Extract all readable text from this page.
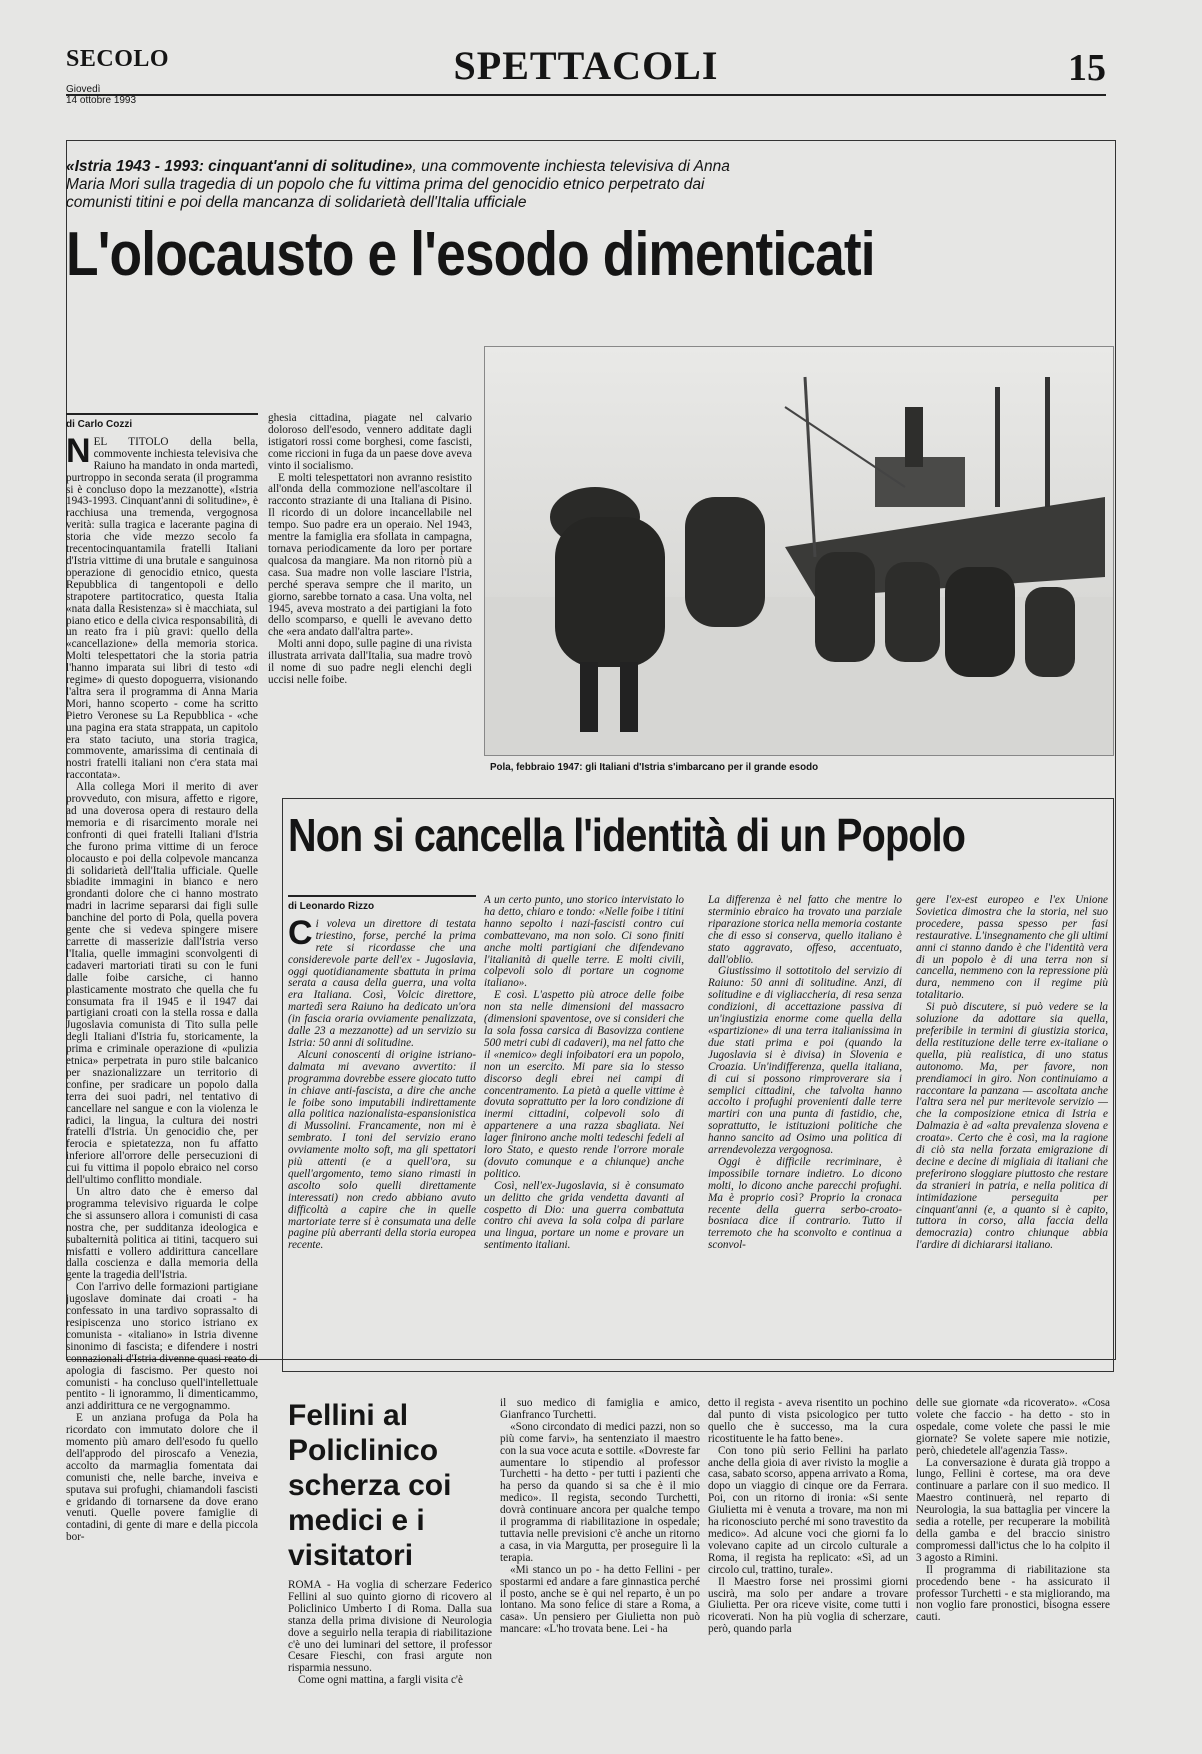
SECOLO
Giovedì
14 ottobre 1993
SPETTACOLI	15
«Istria 1943 - 1993: cinquant'anni di solitudine», una commovente inchiesta televisiva di Anna Maria Mori sulla tragedia di un popolo che fu vittima prima del genocidio etnico perpetrato dai comunisti titini e poi della mancanza di solidarietà dell'Italia ufficiale
L'olocausto e l'esodo dimenticati
di Carlo Cozzi
N EL TITOLO della bella, commovente inchiesta televisiva che Raiuno ha mandato in onda martedì, purtroppo in seconda serata (il programma si è concluso dopo la mezzanotte), «Istria 1943-1993. Cinquant'anni di solitudine», è racchiusa una tremenda, vergognosa verità: sulla tragica e lacerante pagina di storia che vide mezzo secolo fa trecentocinquantamila fratelli Italiani d'Istria vittime di una brutale e sanguinosa operazione di genocidio etnico, questa Repubblica di tangentopoli e dello strapotere partitocratico, questa Italia «nata dalla Resistenza» si è macchiata, sul piano etico e della civica responsabilità, di un reato fra i più gravi: quello della «cancellazione» della memoria storica. Molti telespettatori che la storia patria l'hanno imparata sui libri di testo «di regime» di questo dopoguerra, visionando l'altra sera il programma di Anna Maria Mori, hanno scoperto - come ha scritto Pietro Veronese su La Repubblica - «che una pagina era stata strappata, un capitolo era stato taciuto, una storia tragica, commovente, amarissima di centinaia di nostri fratelli italiani non c'era stata mai raccontata».

Alla collega Mori il merito di aver provveduto, con misura, affetto e rigore, ad una doverosa opera di restauro della memoria e di risarcimento morale nei confronti di quei fratelli Italiani d'Istria che furono prima vittime di un feroce olocausto e poi della colpevole mancanza di solidarietà dell'Italia ufficiale. Quelle sbiadite immagini in bianco e nero grondanti dolore che ci hanno mostrato madri in lacrime separarsi dai figli sulle banchine del porto di Pola, quella povera gente che si vedeva spingere misere carrette di masserizie dall'Istria verso l'Italia, quelle immagini sconvolgenti di cadaveri martoriati tirati su con le funi dalle foibe carsiche, ci hanno plasticamente mostrato che quella che fu consumata fra il 1945 e il 1947 dai partigiani croati con la stella rossa e dalla Jugoslavia comunista di Tito sulla pelle degli Italiani d'Istria fu, storicamente, la prima e criminale operazione di «pulizia etnica» perpetrata in puro stile balcanico per snazionalizzare un territorio di confine, per sradicare un popolo dalla terra dei suoi padri, nel tentativo di cancellare nel sangue e con la violenza le radici, la lingua, la cultura dei nostri fratelli d'Istria. Un genocidio che, per ferocia e spietatezza, non fu affatto inferiore all'orrore delle persecuzioni di cui fu vittima il popolo ebraico nel corso dell'ultimo conflitto mondiale.

Un altro dato che è emerso dal programma televisivo riguarda le colpe che si assunsero allora i comunisti di casa nostra che, per sudditanza ideologica e subalternità politica ai titini, tacquero sui misfatti e vollero addirittura cancellare dalla coscienza e dalla memoria della gente la tragedia dell'Istria.

Con l'arrivo delle formazioni partigiane jugoslave dominate dai croati - ha confessato in una tardivo soprassalto di resipiscenza uno storico istriano ex comunista - «italiano» in Istria divenne sinonimo di fascista; e difendere i nostri connazionali d'Istria divenne quasi reato di apologia di fascismo. Per questo noi comunisti - ha concluso quell'intellettuale pentito - li ignorammo, li dimenticammo, anzi addirittura ce ne vergognammo.

E un anziana profuga da Pola ha ricordato con immutato dolore che il momento più amaro dell'esodo fu quello dell'approdo del piroscafo a Venezia, accolto da marmaglia fomentata dai comunisti che, nelle barche, inveiva e sputava sui profughi, chiamandoli fascisti e gridando di tornarsene da dove erano venuti. Quelle povere famiglie di contadini, di gente di mare e della piccola bor-

ghesia cittadina, piagate nel calvario doloroso dell'esodo, vennero additate dagli istigatori rossi come borghesi, come fascisti, come riccioni in fuga da un paese dove aveva vinto il socialismo.

E molti telespettatori non avranno resistito all'onda della commozione nell'ascoltare il racconto straziante di una Italiana di Pisino. Il ricordo di un dolore incancellabile nel tempo. Suo padre era un operaio. Nel 1943, mentre la famiglia era sfollata in campagna, tornava periodicamente da loro per portare qualcosa da mangiare. Ma non ritornò più a casa. Sua madre non volle lasciare l'Istria, perché sperava sempre che il marito, un giorno, sarebbe tornato a casa. Una volta, nel 1945, aveva mostrato a dei partigiani la foto dello scomparso, e quelli le avevano detto che «era andato dall'altra parte».

Molti anni dopo, sulle pagine di una rivista illustrata arrivata dall'Italia, sua madre trovò il nome di suo padre negli elenchi degli uccisi nelle foibe.

Pola, febbraio 1947: gli Italiani d'Istria s'imbarcano per il grande esodo
Non si cancella l'identità di un Popolo
di Leonardo Rizzo
C i voleva un direttore di testata triestino, forse, perché la prima rete si ricordasse che una considerevole parte dell'ex - Jugoslavia, oggi quotidianamente sbattuta in prima serata a causa della guerra, una volta era Italiana. Così, Volcic direttore, martedì sera Raiuno ha dedicato un'ora (in fascia oraria ovviamente penalizzata, dalle 23 a mezzanotte) ad un servizio su Istria: 50 anni di solitudine.

Alcuni conoscenti di origine istriano-dalmata mi avevano avvertito: il programma dovrebbe essere giocato tutto in chiave anti-fascista, a dire che anche le foibe sono imputabili indirettamente alla politica nazionalista-espansionistica di Mussolini. Francamente, non mi è sembrato. I toni del servizio erano ovviamente molto soft, ma gli spettatori più attenti (e a quell'ora, su quell'argomento, temo siano rimasti in ascolto solo quelli direttamente interessati) non credo abbiano avuto difficoltà a capire che in quelle martoriate terre si è consumata una delle pagine più aberranti della storia europea recente.

A un certo punto, uno storico intervistato lo ha detto, chiaro e tondo: «Nelle foibe i titini hanno sepolto i nazi-fascisti contro cui combattevano, ma non solo. Ci sono finiti anche molti partigiani che difendevano l'italianità di quelle terre. E molti civili, colpevoli solo di portare un cognome italiano».

E così. L'aspetto più atroce delle foibe non sta nelle dimensioni del massacro (dimensioni spaventose, ove si consideri che la sola fossa carsica di Basovizza contiene 500 metri cubi di cadaveri), ma nel fatto che il «nemico» degli infoibatori era un popolo, non un esercito. Mi pare sia lo stesso discorso degli ebrei nei campi di concentramento. La pietà a quelle vittime è dovuta soprattutto per la loro condizione di inermi cittadini, colpevoli solo di appartenere a una razza sbagliata. Nei lager finirono anche molti tedeschi fedeli al loro Stato, e questo rende l'orrore morale (dovuto comunque e a chiunque) anche politico.

Così, nell'ex-Jugoslavia, si è consumato un delitto che grida vendetta davanti al cospetto di Dio: una guerra combattuta contro chi aveva la sola colpa di parlare una lingua, portare un nome e provare un sentimento italiani.

La differenza è nel fatto che mentre lo sterminio ebraico ha trovato una parziale riparazione storica nella memoria costante che di esso si conserva, quello italiano è stato aggravato, offeso, accentuato, dall'oblio.

Giustissimo il sottotitolo del servizio di Raiuno: 50 anni di solitudine. Anzi, di solitudine e di vigliaccheria, di resa senza condizioni, di accettazione passiva di un'ingiustizia enorme come quella della «spartizione» di una terra italianissima in due stati prima e poi (quando la Jugoslavia si è divisa) in Slovenia e Croazia. Un'indifferenza, quella italiana, di cui si possono rimproverare sia i semplici cittadini, che talvolta hanno accolto i profughi provenienti dalle terre martiri con una punta di fastidio, che, soprattutto, le istituzioni politiche che hanno sancito ad Osimo una politica di arrendevolezza vergognosa.

Oggi è difficile recriminare, è impossibile tornare indietro. Lo dicono molti, lo dicono anche parecchi profughi. Ma è proprio così? Proprio la cronaca recente della guerra serbo-croato-bosniaca dice il contrario. Tutto il terremoto che ha sconvolto e continua a sconvol-

gere l'ex-est europeo e l'ex Unione Sovietica dimostra che la storia, nel suo procedere, passa spesso per fasi restaurative. L'insegnamento che gli ultimi anni ci stanno dando è che l'identità vera di un popolo è di una terra non si cancella, nemmeno con la repressione più dura, nemmeno con il regime più totalitario.

Si può discutere, si può vedere se la soluzione da adottare sia quella, preferibile in termini di giustizia storica, della restituzione delle terre ex-italiane o quella, più realistica, di uno status autonomo. Ma, per favore, non prendiamoci in giro. Non continuiamo a raccontare la panzana — ascoltata anche l'altra sera nel pur meritevole servizio — che la composizione etnica di Istria e Dalmazia è ad «alta prevalenza slovena e croata». Certo che è così, ma la ragione di ciò sta nella forzata emigrazione di decine e decine di migliaia di italiani che preferirono sloggiare piuttosto che restare da stranieri in patria, e nella politica di intimidazione perseguita per cinquant'anni (e, a quanto si è capito, tuttora in corso, alla faccia della democrazia) contro chiunque abbia l'ardire di dichiararsi italiano.

Fellini al Policlinico scherza coi medici e i visitatori

ROMA - Ha voglia di scherzare Federico Fellini al suo quinto giorno di ricovero al Policlinico Umberto I di Roma. Dalla sua stanza della prima divisione di Neurologia dove a seguirlo nella terapia di riabilitazione c'è uno dei luminari del settore, il professor Cesare Fieschi, con frasi argute non risparmia nessuno.

Come ogni mattina, a fargli visita c'è

il suo medico di famiglia e amico, Gianfranco Turchetti.

«Sono circondato di medici pazzi, non so più come farvi», ha sentenziato il maestro con la sua voce acuta e sottile. «Dovreste far aumentare lo stipendio al professor Turchetti - ha detto - per tutti i pazienti che ha perso da quando si sa che è il mio medico». Il regista, secondo Turchetti, dovrà continuare ancora per qualche tempo il programma di riabilitazione in ospedale; tuttavia nelle previsioni c'è anche un ritorno a casa, in via Margutta, per proseguire lì la terapia.

«Mi stanco un po - ha detto Fellini - per spostarmi ed andare a fare ginnastica perché il posto, anche se è qui nel reparto, è un po lontano. Ma sono felice di stare a Roma, a casa». Un pensiero per Giulietta non può mancare: «L'ho trovata bene. Lei - ha

detto il regista - aveva risentito un pochino dal punto di vista psicologico per tutto quello che è successo, ma la cura ricostituente le ha fatto bene».

Con tono più serio Fellini ha parlato anche della gioia di aver rivisto la moglie a casa, sabato scorso, appena arrivato a Roma, dopo un viaggio di cinque ore da Ferrara. Poi, con un ritorno di ironia: «Si sente Giulietta mi è venuta a trovare, ma non mi ha riconosciuto perché mi sono travestito da medico». Ad alcune voci che giorni fa lo volevano capite ad un circolo culturale a Roma, il regista ha replicato: «Sì, ad un circolo cul, trattino, turale».

Il Maestro forse nei prossimi giorni uscirà, ma solo per andare a trovare Giulietta. Per ora riceve visite, come tutti i ricoverati. Non ha più voglia di scherzare, però, quando parla

delle sue giornate «da ricoverato». «Cosa volete che faccio - ha detto - sto in ospedale, come volete che passi le mie giornate? Se volete sapere mie notizie, però, chiedetele all'agenzia Tass».

La conversazione è durata già troppo a lungo, Fellini è cortese, ma ora deve continuare a parlare con il suo medico. Il Maestro continuerà, nel reparto di Neurologia, la sua battaglia per vincere la sedia a rotelle, per recuperare la mobilità della gamba e del braccio sinistro compromessi dall'ictus che lo ha colpito il 3 agosto a Rimini.

Il programma di riabilitazione sta procedendo bene - ha assicurato il professor Turchetti - e sta migliorando, ma non voglio fare pronostici, bisogna essere cauti.
